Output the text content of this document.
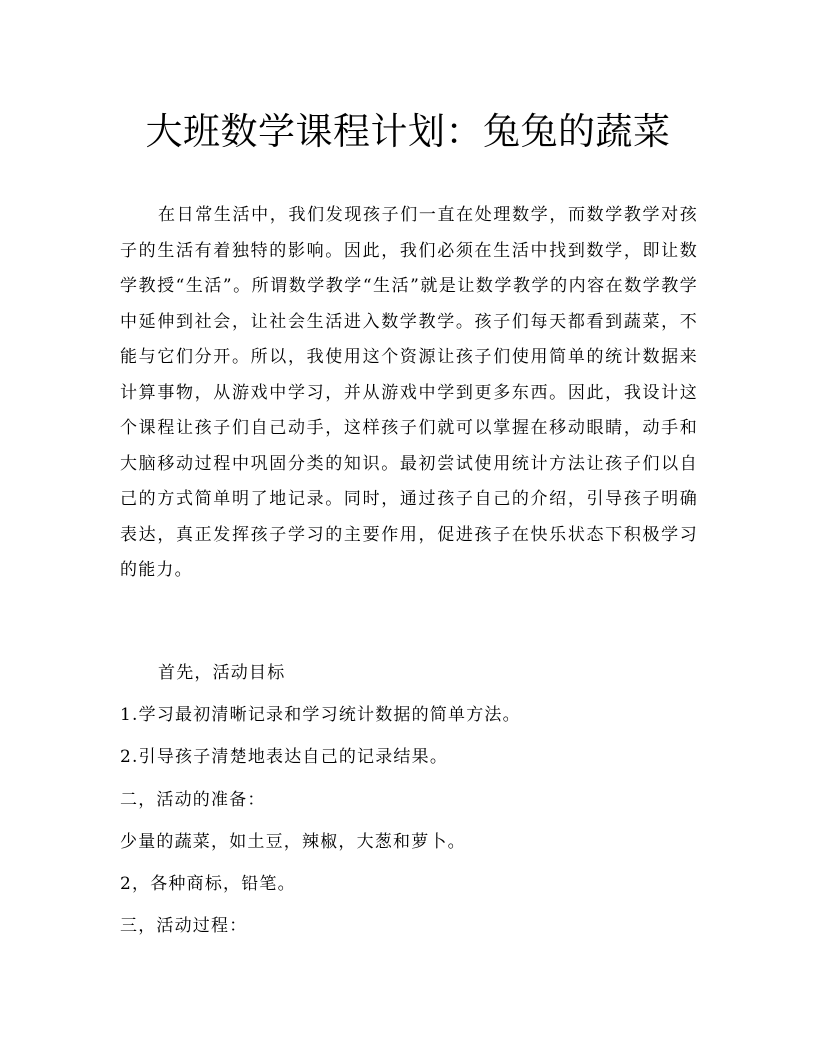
大班数学课程计划：兔兔的蔬菜

在日常生活中，我们发现孩子们一直在处理数学，而数学教学对孩子的生活有着独特的影响。因此，我们必须在生活中找到数学，即让数学教授“生活”。所谓数学教学“生活”就是让数学教学的内容在数学教学中延伸到社会，让社会生活进入数学教学。孩子们每天都看到蔬菜，不能与它们分开。所以，我使用这个资源让孩子们使用简单的统计数据来计算事物，从游戏中学习，并从游戏中学到更多东西。因此，我设计这个课程让孩子们自己动手，这样孩子们就可以掌握在移动眼睛，动手和大脑移动过程中巩固分类的知识。最初尝试使用统计方法让孩子们以自己的方式简单明了地记录。同时，通过孩子自己的介绍，引导孩子明确表达，真正发挥孩子学习的主要作用，促进孩子在快乐状态下积极学习的能力。

首先，活动目标

1.学习最初清晰记录和学习统计数据的简单方法。

2.引导孩子清楚地表达自己的记录结果。

二，活动的准备：

少量的蔬菜，如土豆，辣椒，大葱和萝卜。

2，各种商标，铅笔。

三，活动过程：
